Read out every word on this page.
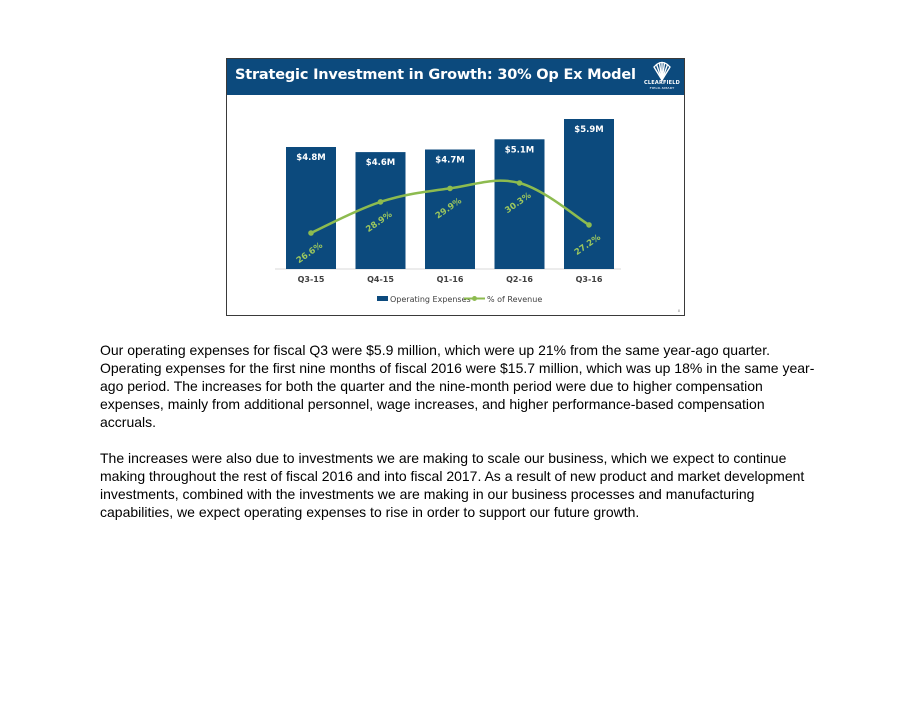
Strategic Investment in Growth: 30% Op Ex Model CLEARFIELD
FIELD-SMART
$4.8M
$4.6M	$4.7M
$5.1M
$5.9M
26.6%
28.9%
29.9%	30.3%
27.2%
Q3-15	Q4-15	Q1-16	Q2-16	Q3-16
Operating Expenses % of Revenue
8

Our operating expenses for fiscal Q3 were $5.9 million, which were up 21% from the same year-ago quarter. Operating expenses for the first nine months of fiscal 2016 were $15.7 million, which was up 18% in the same year-ago period. The increases for both the quarter and the nine-month period were due to higher compensation expenses, mainly from additional personnel, wage increases, and higher performance-based compensation accruals.

The increases were also due to investments we are making to scale our business, which we expect to continue making throughout the rest of fiscal 2016 and into fiscal 2017. As a result of new product and market development investments, combined with the investments we are making in our business processes and manufacturing capabilities, we expect operating expenses to rise in order to support our future growth.
